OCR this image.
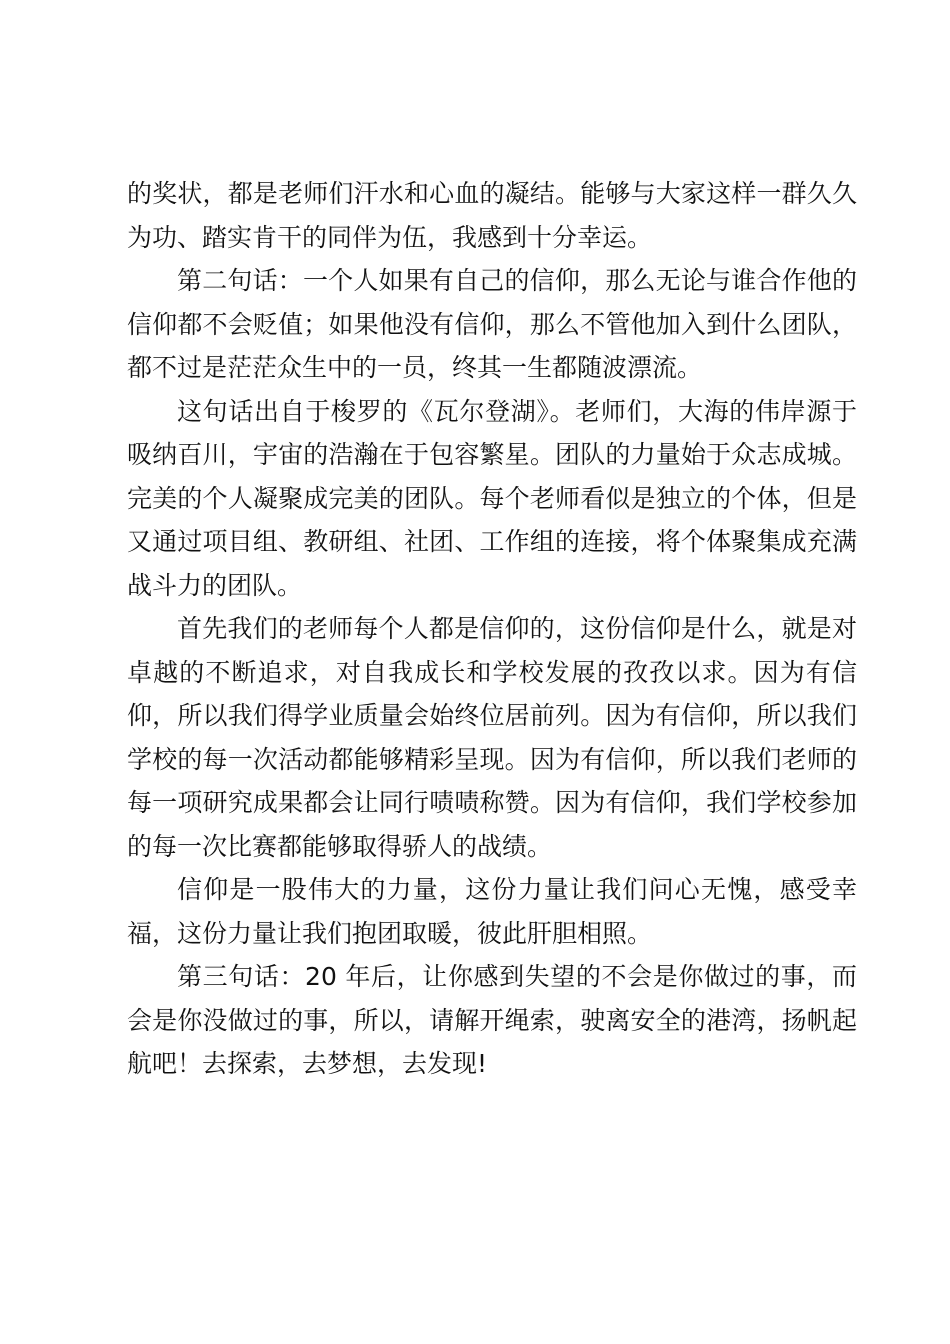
的奖状，都是老师们汗水和心血的凝结。能够与大家这样一群久久为功、踏实肯干的同伴为伍，我感到十分幸运。

第二句话：一个人如果有自己的信仰，那么无论与谁合作他的信仰都不会贬值；如果他没有信仰，那么不管他加入到什么团队，都不过是茫茫众生中的一员，终其一生都随波漂流。

这句话出自于梭罗的《瓦尔登湖》。老师们，大海的伟岸源于吸纳百川，宇宙的浩瀚在于包容繁星。团队的力量始于众志成城。完美的个人凝聚成完美的团队。每个老师看似是独立的个体，但是又通过项目组、教研组、社团、工作组的连接，将个体聚集成充满战斗力的团队。

首先我们的老师每个人都是信仰的，这份信仰是什么，就是对卓越的不断追求，对自我成长和学校发展的孜孜以求。因为有信仰，所以我们得学业质量会始终位居前列。因为有信仰，所以我们学校的每一次活动都能够精彩呈现。因为有信仰，所以我们老师的每一项研究成果都会让同行啧啧称赞。因为有信仰，我们学校参加的每一次比赛都能够取得骄人的战绩。

信仰是一股伟大的力量，这份力量让我们问心无愧，感受幸福，这份力量让我们抱团取暖，彼此肝胆相照。

第三句话：20 年后，让你感到失望的不会是你做过的事，而会是你没做过的事，所以，请解开绳索，驶离安全的港湾，扬帆起航吧！去探索，去梦想，去发现!
